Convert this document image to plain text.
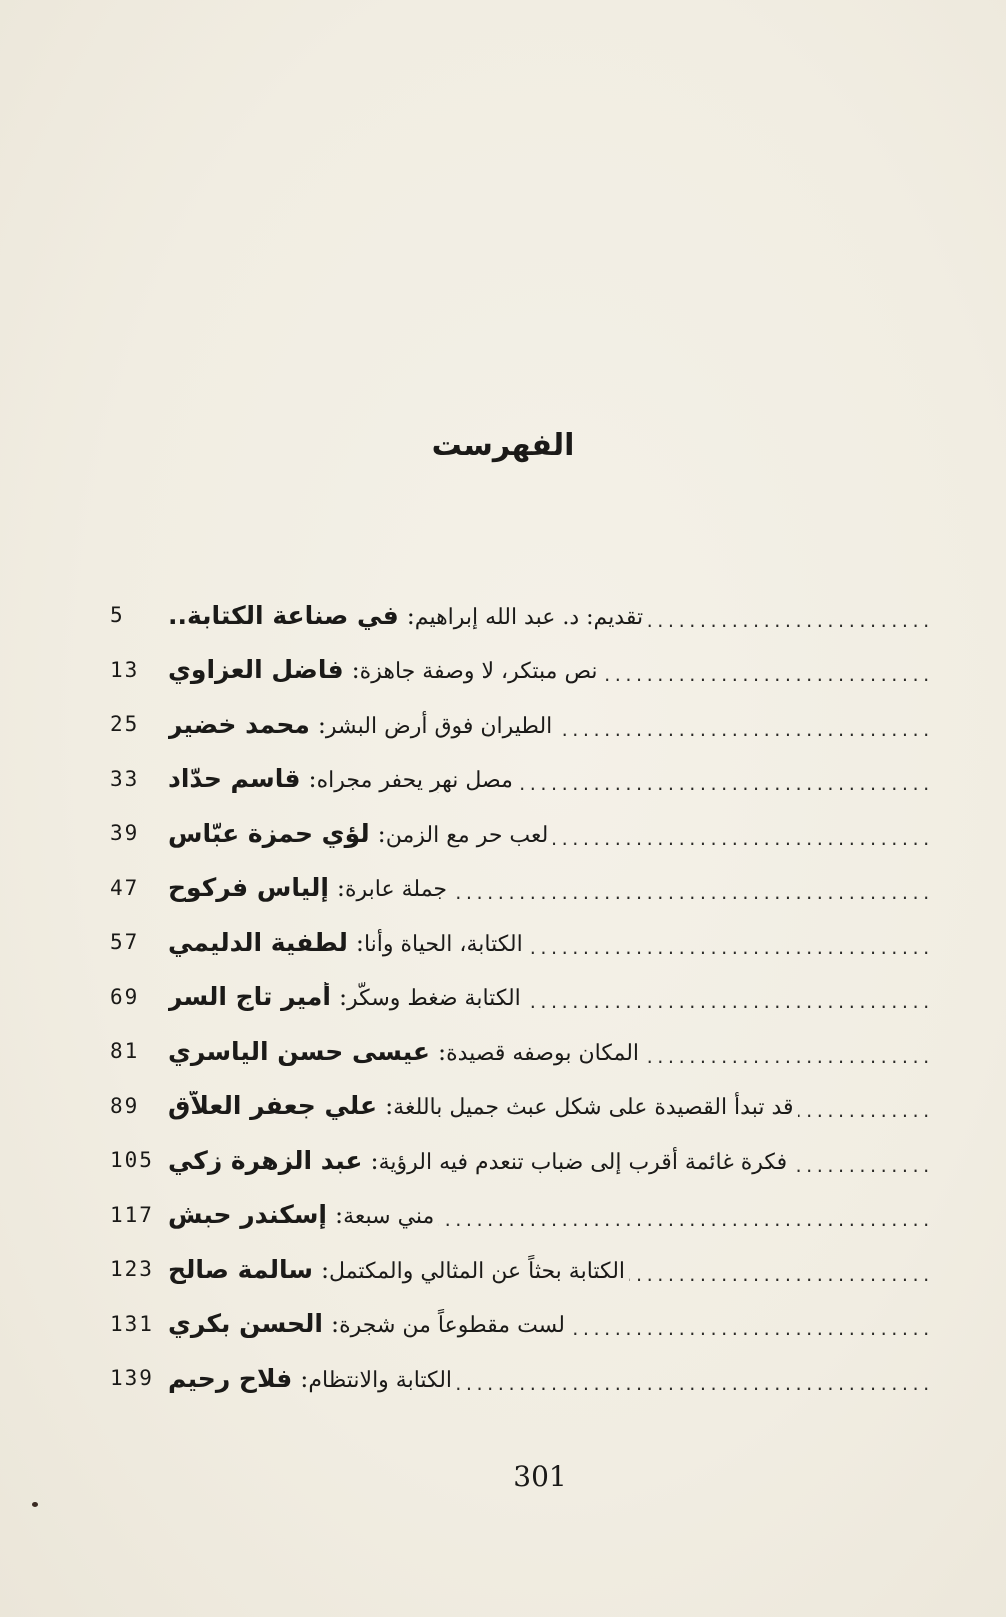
الفهرست
في صناعة الكتابة.. : تقديم: د. عبد الله إبراهيم
.....
5
فاضل العزاوي : نص مبتكر، لا وصفة جاهزة
.....
13
محمد خضير : الطيران فوق أرض البشر
.....
25
قاسم حدّاد : مصل نهرٍ يحفر مجراه
.....
33
لؤي حمزة عبّاس : لعب حر مع الزمن
.....
39
إلياس فركوح : جملة عابرة
.....
47
لطفية الدليمي : الكتابة، الحياة وأنا
.....
57
أمير تاج السر : الكتابة ضغط وسكّر
.....
69
عيسى حسن الياسري : المكان بوصفه قصيدة
.....
81
علي جعفر العلاّق : قد تبدأ القصيدة على شكل عبث جميل باللغة
.....
89
عبد الزهرة زكي : فكرة غائمة أقرب إلى ضباب تنعدم فيه الرؤية
.....
105
إسكندر حبش : مني سبعة
.....
117
سالمة صالح : الكتابة بحثاً عن المثالي والمكتمل
.....
123
الحسن بكري : لست مقطوعاً من شجرة
.....
131
فلاح رحيم : الكتابة والانتظام
.....
139
301
